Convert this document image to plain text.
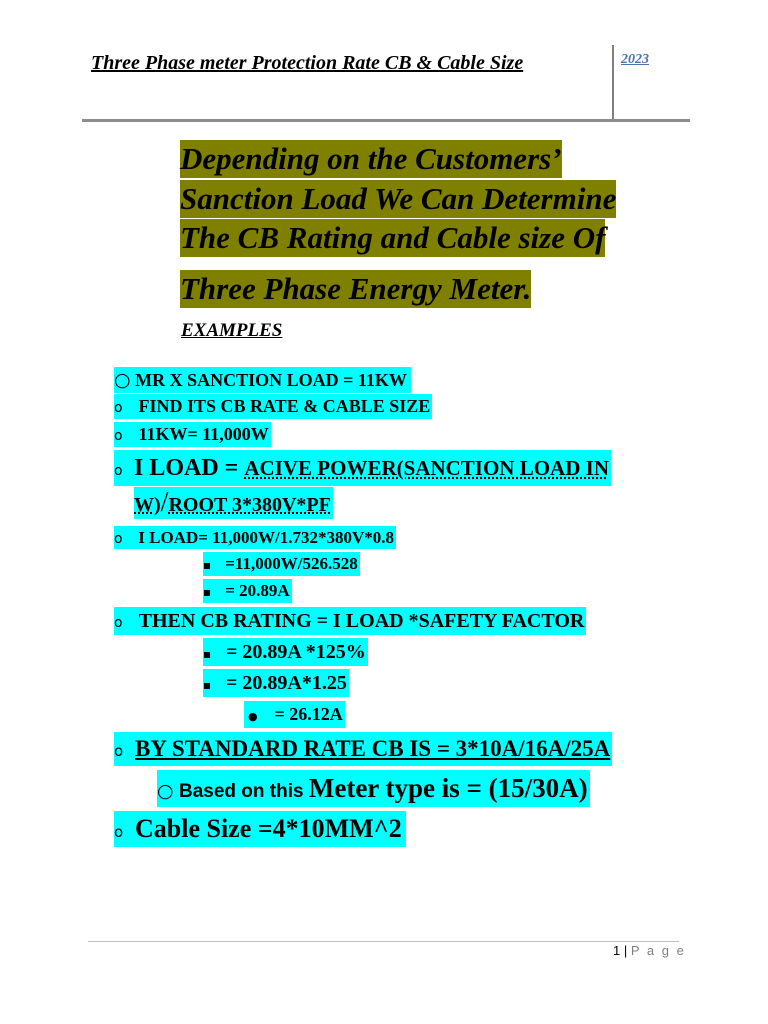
Three Phase meter Protection Rate CB & Cable Size	2023
Depending on the Customers’
Sanction Load We Can Determine
The CB Rating and Cable size Of
Three Phase Energy Meter.
EXAMPLES
○ MR X SANCTION LOAD = 11KW
o FIND ITS CB RATE & CABLE SIZE
o 11KW= 11,000W
o I LOAD = ACIVE POWER(SANCTION LOAD IN
W)/ROOT 3*380V*PF
o I LOAD= 11,000W/1.732*380V*0.8
▪ =11,000W/526.528
▪ = 20.89A
o THEN CB RATING = I LOAD *SAFETY FACTOR
▪ = 20.89A *125%
▪ = 20.89A*1.25
● = 26.12A
o BY STANDARD RATE CB IS = 3*10A/16A/25A
○ Based on this Meter type is = (15/30A)
o Cable Size =4*10MM^2
1 | P a g e
